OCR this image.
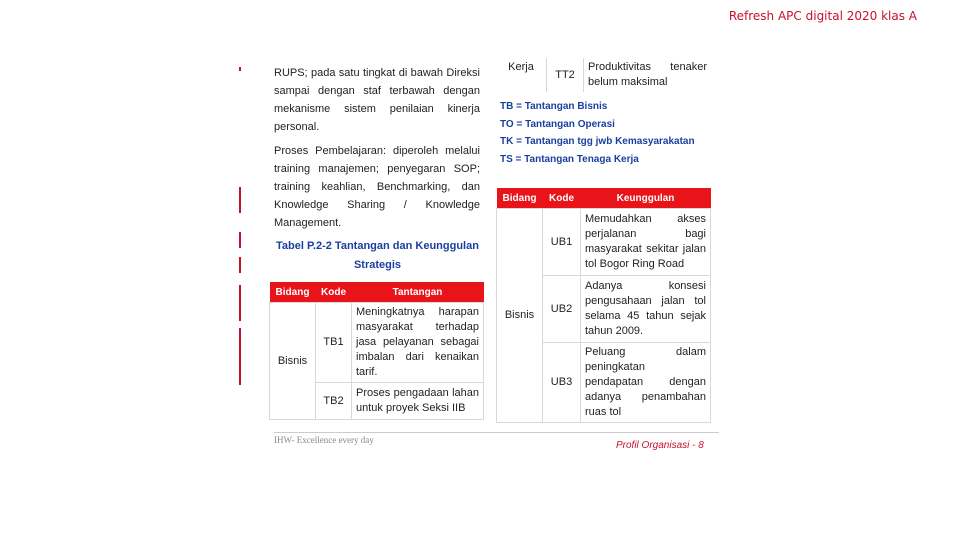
Refresh APC digital 2020 klas A

RUPS; pada satu tingkat di bawah Direksi sampai dengan staf terbawah dengan mekanisme sistem penilaian kinerja personal.

Proses Pembelajaran: diperoleh melalui training manajemen; penyegaran SOP; training keahlian, Benchmarking, dan Knowledge Sharing / Knowledge Management.

Tabel P.2-2 Tantangan dan Keunggulan
Strategis
Bidang	Kode	Tantangan
Bisnis	TB1	Meningkatnya harapan masyarakat terhadap jasa pelayanan sebagai imbalan dari kenaikan tarif.
	TB2	Proses pengadaan lahan untuk proyek Seksi IIB
Kerja	TT2	Produktivitas tenaker belum maksimal
TB = Tantangan Bisnis
TO = Tantangan Operasi
TK = Tantangan tgg jwb Kemasyarakatan
TS = Tantangan Tenaga Kerja
Bidang	Kode	Keunggulan
Bisnis	UB1	Memudahkan akses perjalanan bagi masyarakat sekitar jalan tol Bogor Ring Road
	UB2	Adanya konsesi pengusahaan jalan tol selama 45 tahun sejak tahun 2009.
	UB3	Peluang dalam peningkatan pendapatan dengan adanya penambahan ruas tol
IHW- Excellence every day	Profil Organisasi - 8
